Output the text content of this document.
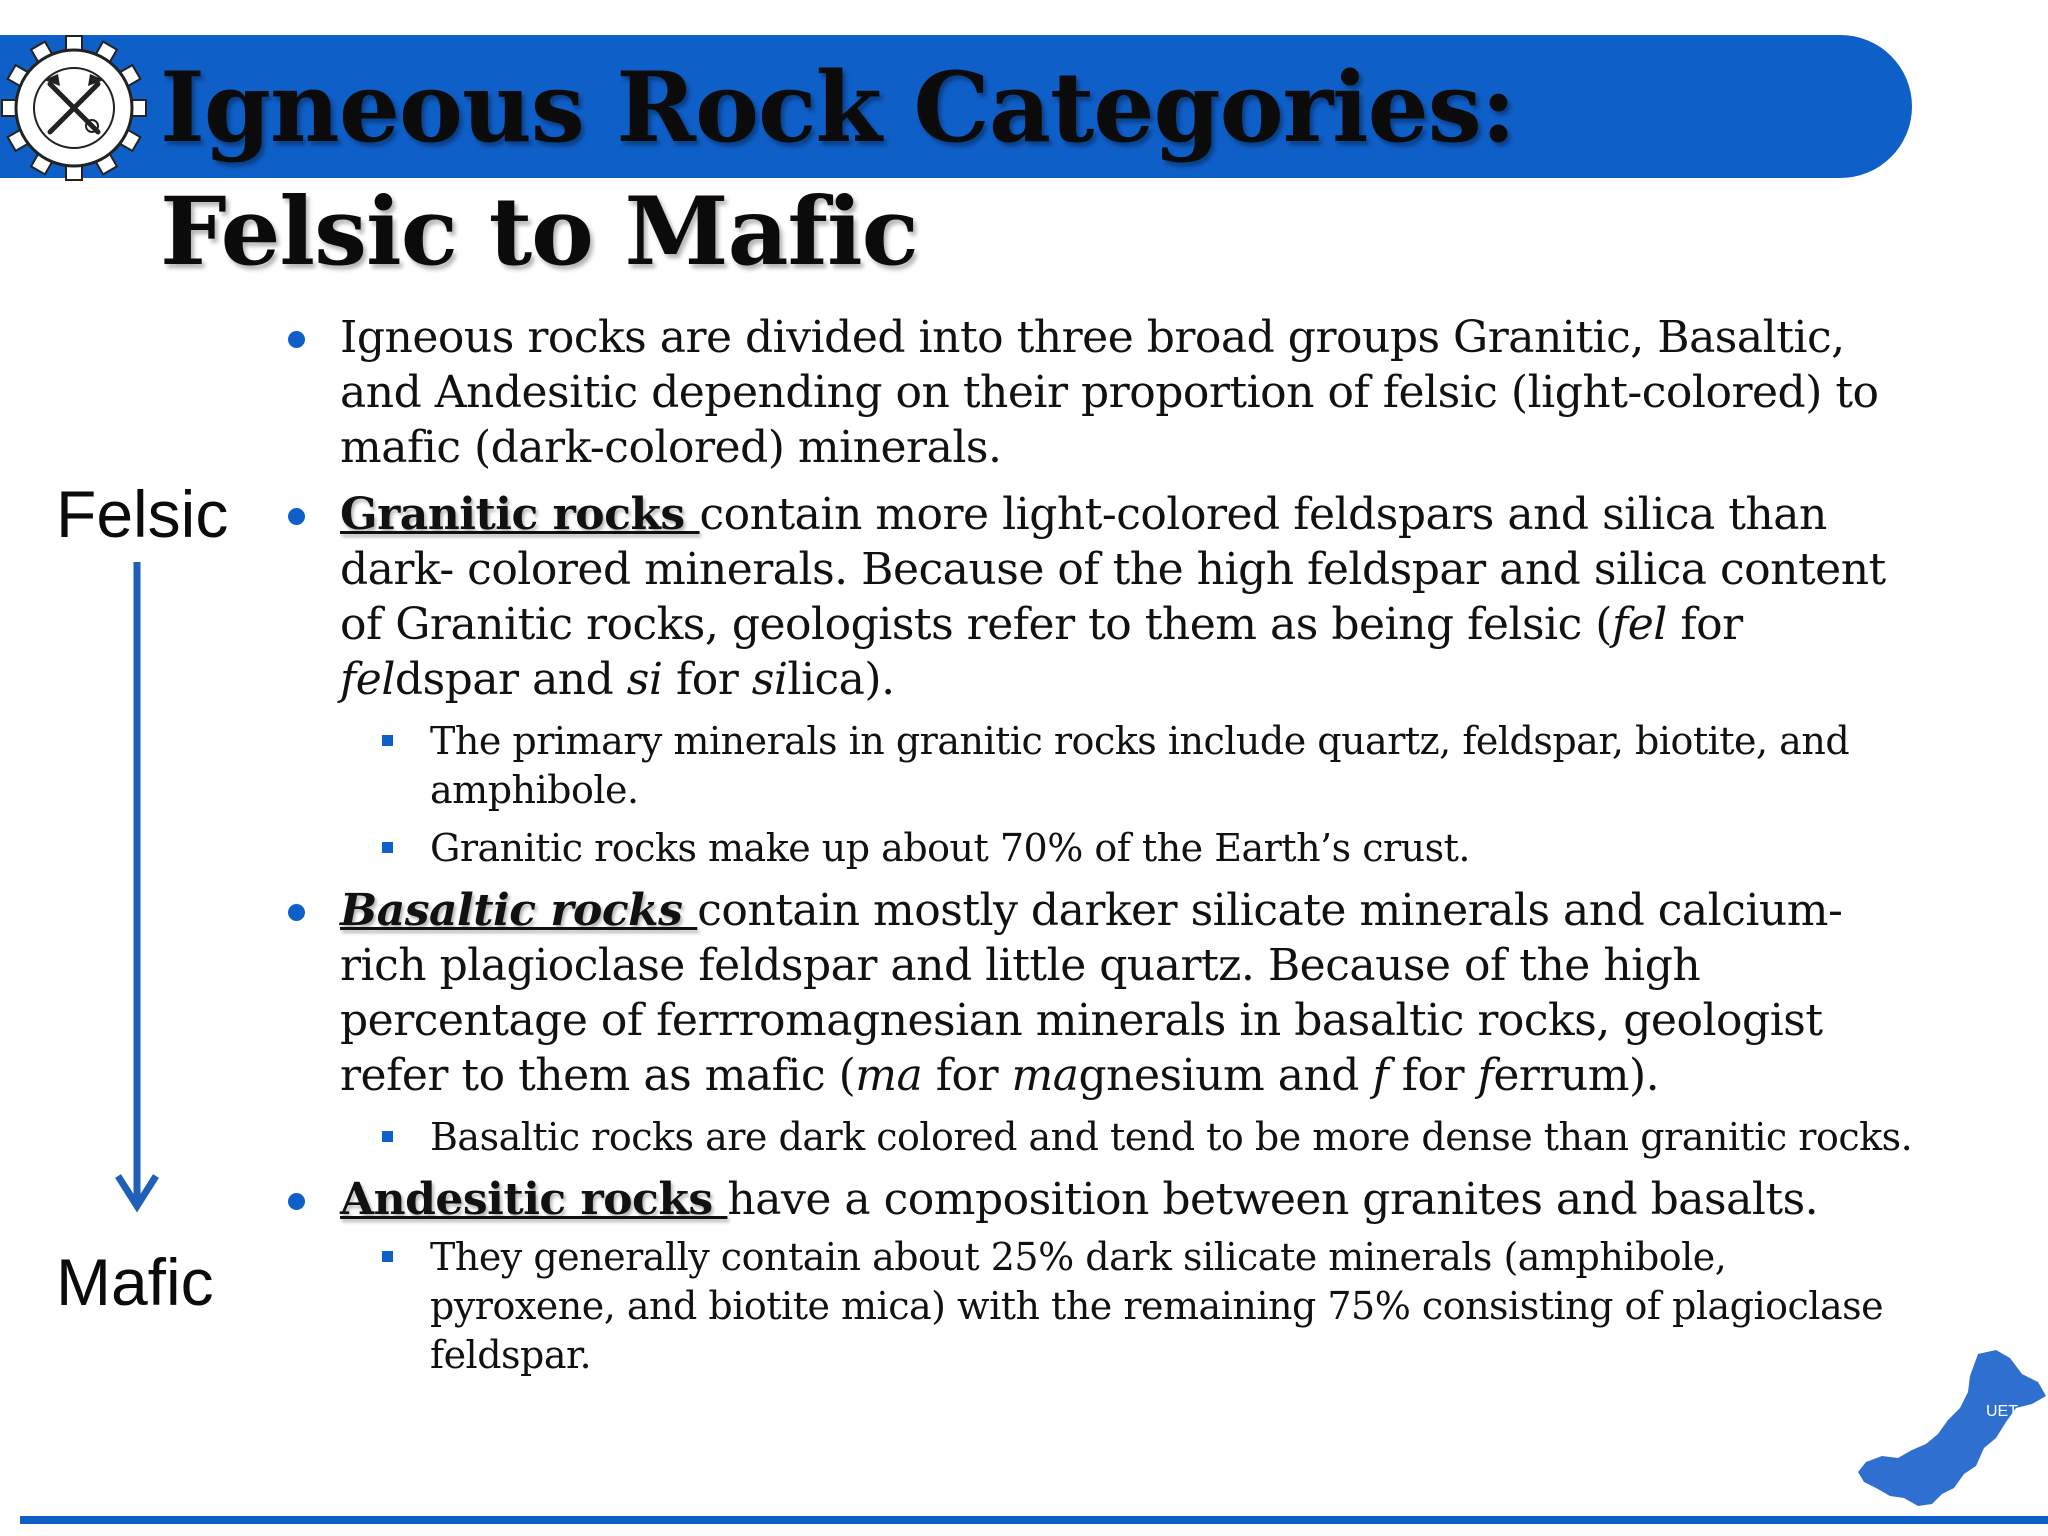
Igneous Rock Categories:
Felsic to Mafic
Felsic
Mafic

Igneous rocks are divided into three broad groups Granitic, Basaltic, and Andesitic depending on their proportion of felsic (light-colored) to mafic (dark-colored) minerals.

Granitic rocks contain more light-colored feldspars and silica than dark- colored minerals. Because of the high feldspar and silica content of Granitic rocks, geologists refer to them as being felsic (fel for feldspar and si for silica).

The primary minerals in granitic rocks include quartz, feldspar, biotite, and amphibole.

Granitic rocks make up about 70% of the Earth’s crust.

Basaltic rocks contain mostly darker silicate minerals and calcium-rich plagioclase feldspar and little quartz. Because of the high percentage of ferrromagnesian minerals in basaltic rocks, geologist refer to them as mafic (ma for magnesium and f for ferrum).

Basaltic rocks are dark colored and tend to be more dense than granitic rocks.

Andesitic rocks have a composition between granites and basalts.

They generally contain about 25% dark silicate minerals (amphibole, pyroxene, and biotite mica) with the remaining 75% consisting of plagioclase feldspar.

UET
